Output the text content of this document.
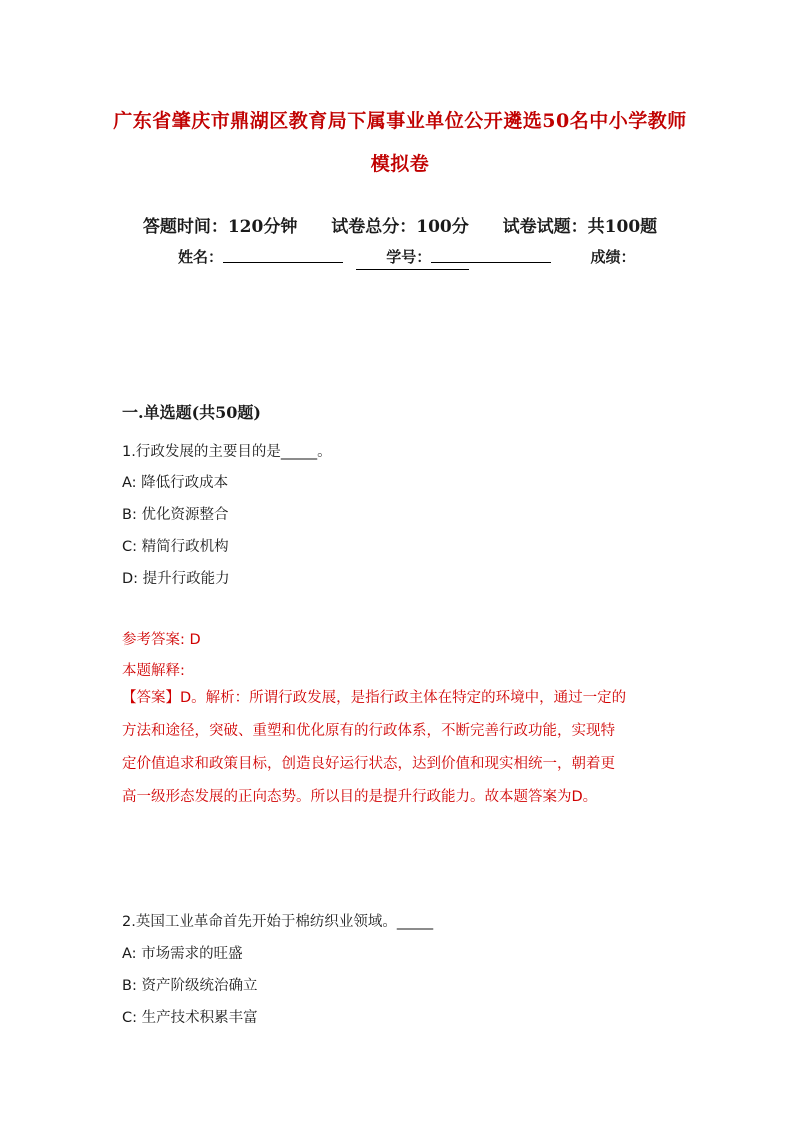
广东省肇庆市鼎湖区教育局下属事业单位公开遴选50名中小学教师
模拟卷
答题时间：120分钟 试卷总分：100分 试卷试题：共100题
姓名：	学号：	成绩：
一.单选题(共50题)
1.行政发展的主要目的是_____。
A: 降低行政成本
B: 优化资源整合
C: 精简行政机构
D: 提升行政能力
参考答案: D
本题解释:
【答案】D。解析：所谓行政发展，是指行政主体在特定的环境中，通过一定的
方法和途径，突破、重塑和优化原有的行政体系，不断完善行政功能，实现特
定价值追求和政策目标，创造良好运行状态，达到价值和现实相统一，朝着更
高一级形态发展的正向态势。所以目的是提升行政能力。故本题答案为D。
2.英国工业革命首先开始于棉纺织业领域。_____
A: 市场需求的旺盛
B: 资产阶级统治确立
C: 生产技术积累丰富
